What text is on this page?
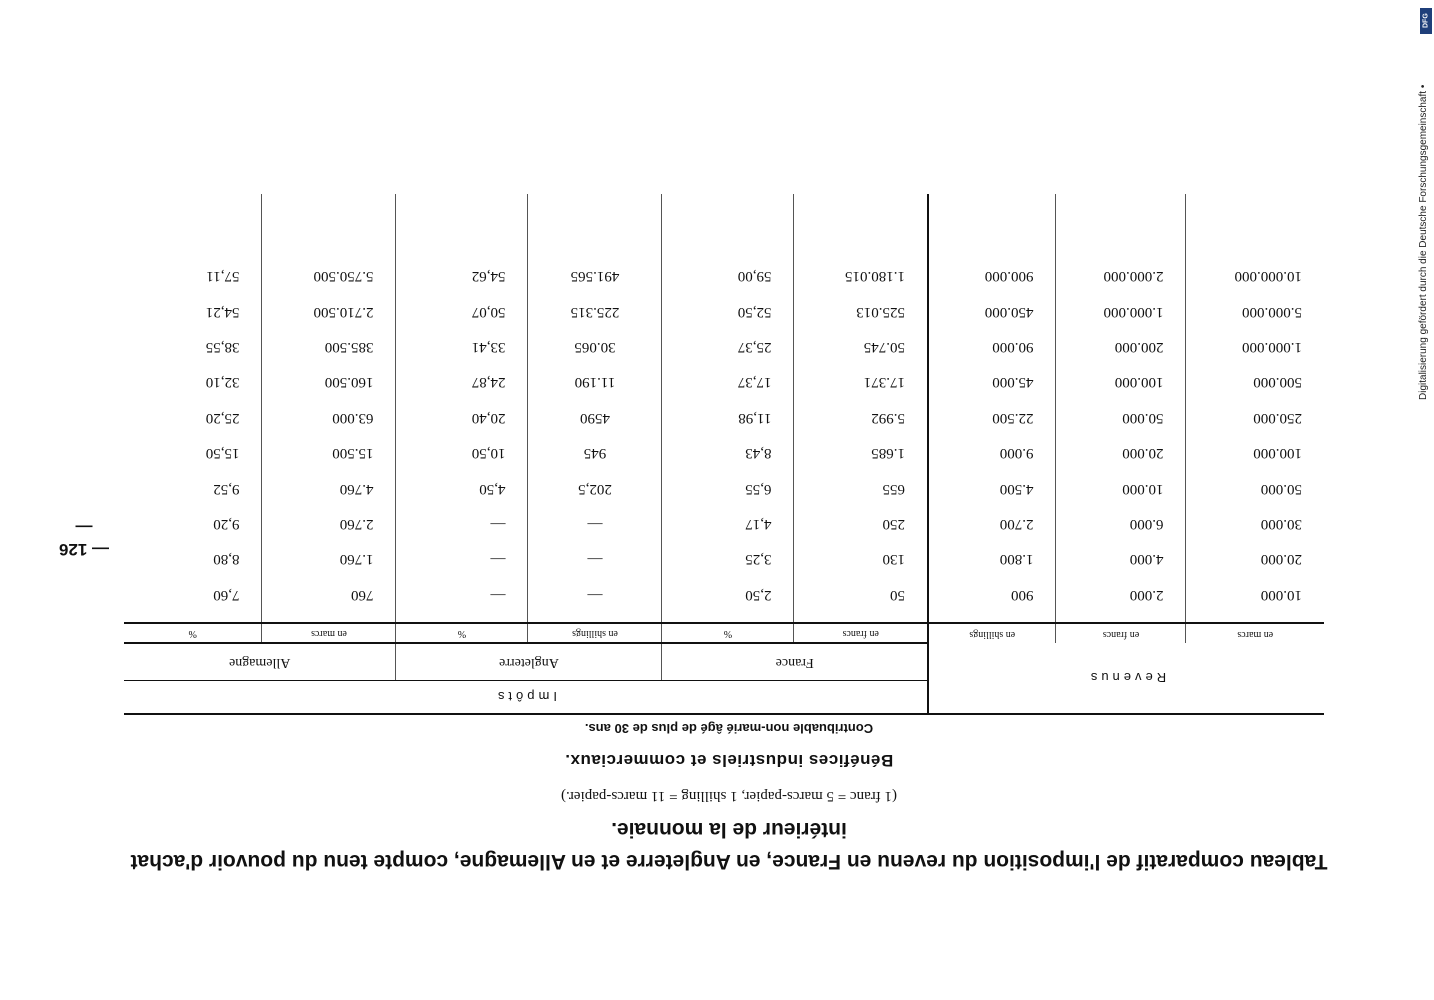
Tableau comparatif de l'imposition du revenu en France, en Angleterre et en Allemagne, compte tenu du pouvoir d'achat intérieur de la monnaie.
(1 franc = 5 marcs-papier, 1 shilling = 11 marcs-papier.)
Bénéfices industriels et commerciaux.
Contribuable non-marié âgé de plus de 30 ans.
Revenus			Impôts					
			France		Angleterre		Allemagne	
en marcs	en francs	en shillings	en francs	%	en shillings	%	en marcs	%
10.000	2.000	900	50	2,50	—	—	760	7,60
20.000	4.000	1.800	130	3,25	—	—	1.760	8,80
30.000	6.000	2.700	250	4,17	—	—	2.760	9,20
50.000	10.000	4.500	655	6,55	202,5	4,50	4.760	9,52
100.000	20.000	9.000	1.685	8,43	945	10,50	15.500	15,50
250.000	50.000	22.500	5.992	11,98	4590	20,40	63.000	25,20
500.000	100.000	45.000	17.371	17,37	11.190	24,87	160.500	32,10
1.000.000	200.000	90.000	50.745	25,37	30.065	33,41	385.500	38,55
5.000.000	1.000.000	450.000	525.013	52,50	225.315	50,07	2.710.500	54,21
10.000.000	2.000.000	900.000	1.180.015	59,00	491.565	54,62	5.750.500	57,11

— 126 —
DFG
Digitalisierung gefördert durch die Deutsche Forschungsgemeinschaft •
